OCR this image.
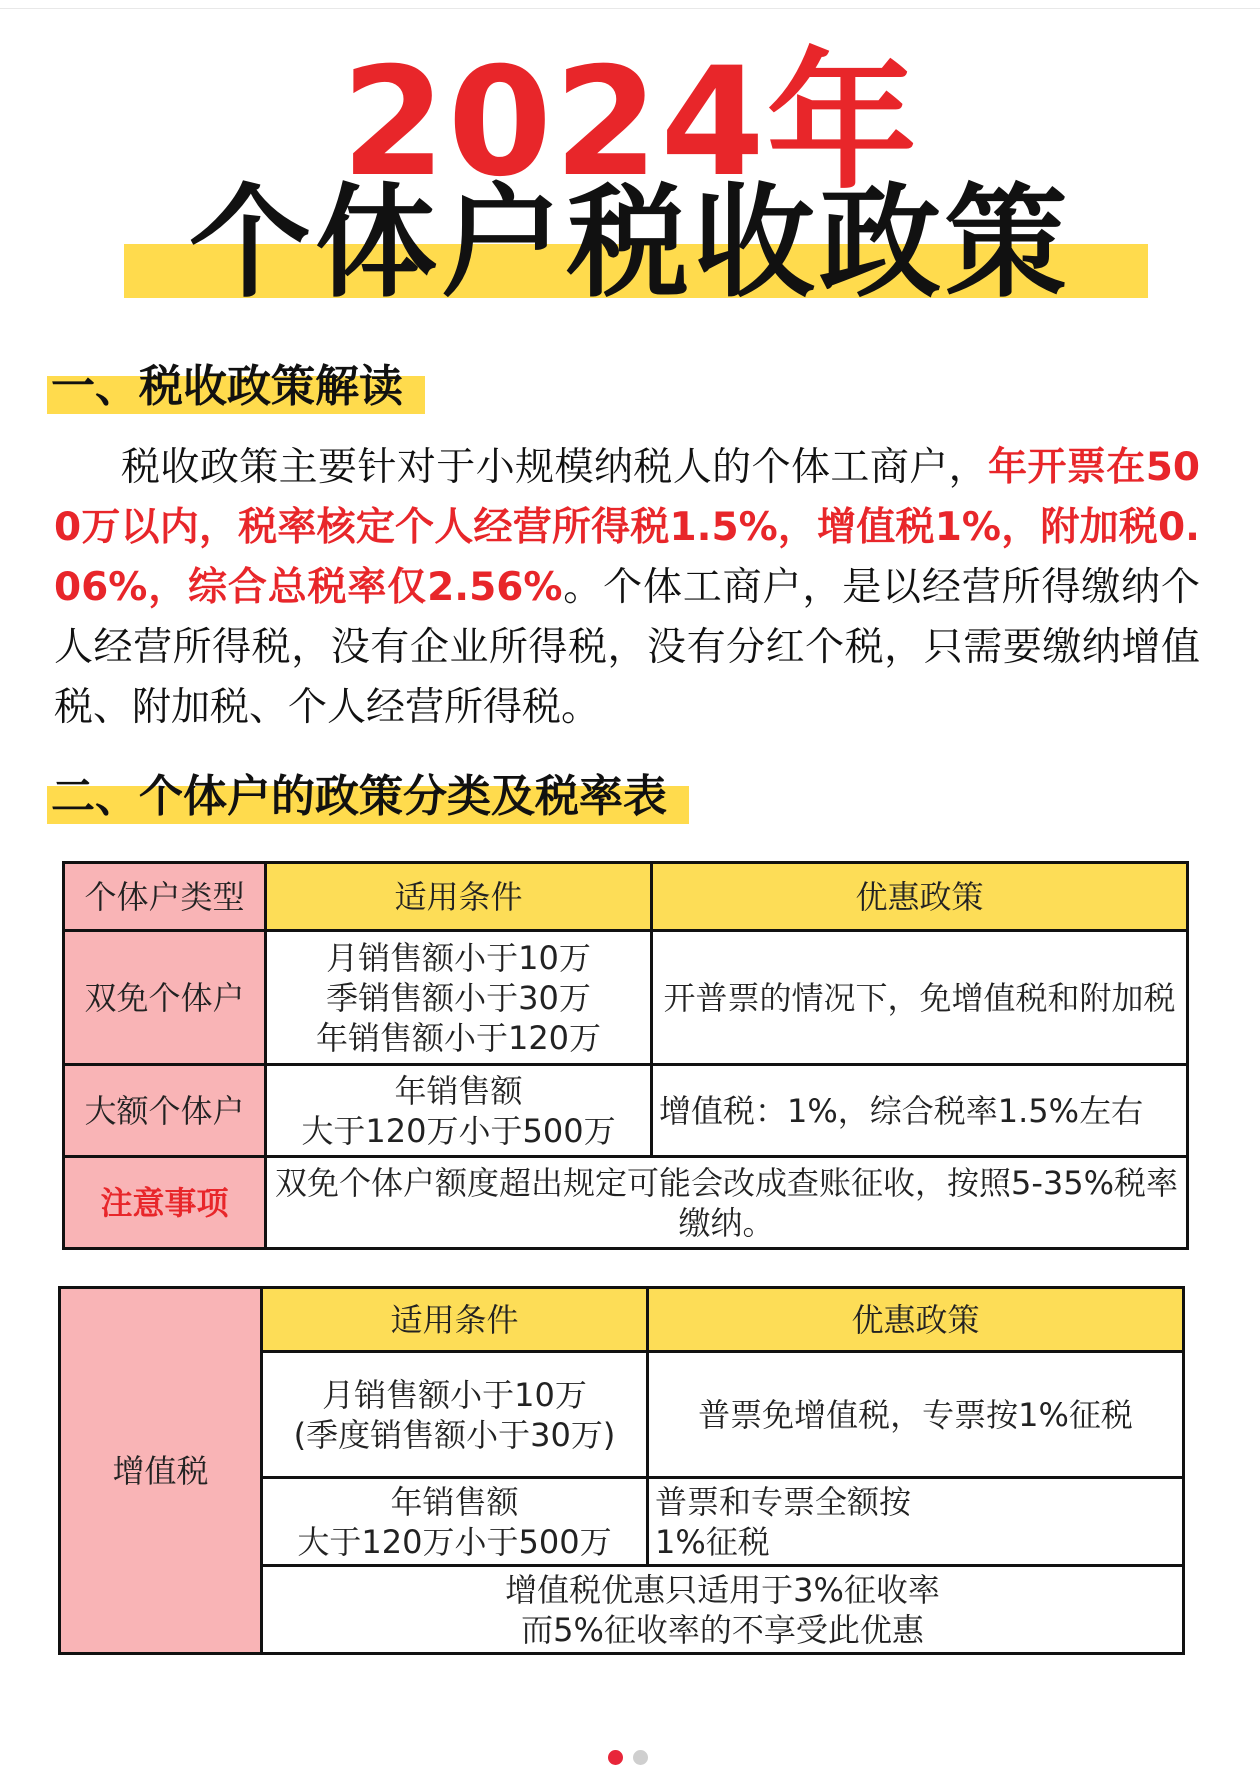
2024年
个体户税收政策
一、税收政策解读
税收政策主要针对于小规模纳税人的个体工商户，年开票在500万以内，税率核定个人经营所得税1.5%，增值税1%，附加税0.06%，综合总税率仅2.56%。个体工商户，是以经营所得缴纳个人经营所得税，没有企业所得税，没有分红个税，只需要缴纳增值税、附加税、个人经营所得税。
二、个体户的政策分类及税率表
个体户类型	适用条件	优惠政策
双免个体户	月销售额小于10万
季销售额小于30万
年销售额小于120万	开普票的情况下，免增值税和附加税
大额个体户	年销售额
大于120万小于500万	增值税：1%，综合税率1.5%左右
注意事项	双免个体户额度超出规定可能会改成查账征收，按照5-35%税率缴纳。	
增值税	适用条件	优惠政策

	月销售额小于10万
(季度销售额小于30万)	普票免增值税，专票按1%征税

	年销售额
大于120万小于500万	普票和专票全额按
1%征税

	增值税优惠只适用于3%征收率
而5%征收率的不享受此优惠	
